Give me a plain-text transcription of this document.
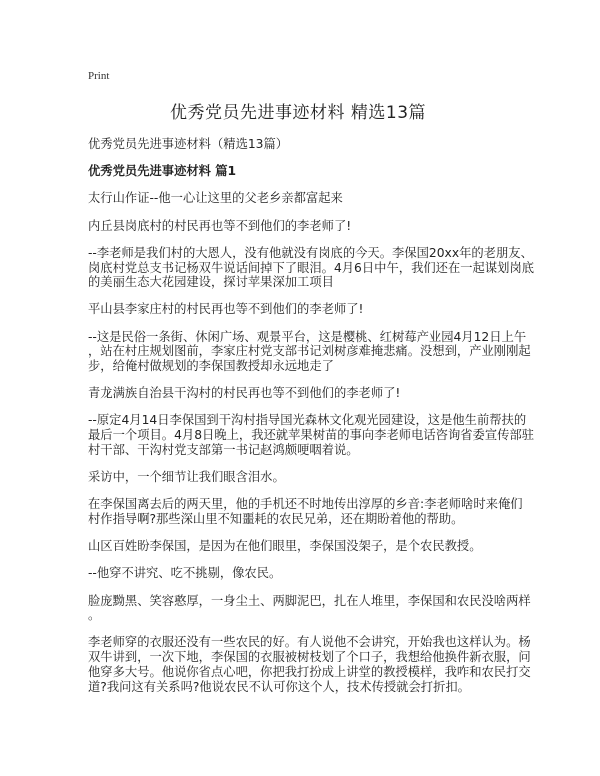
Print
优秀党员先进事迹材料 精选13篇
优秀党员先进事迹材料（精选13篇）
优秀党员先进事迹材料 篇1
太行山作证--他一心让这里的父老乡亲都富起来
内丘县岗底村的村民再也等不到他们的李老师了!
--李老师是我们村的大恩人，没有他就没有岗底的今天。李保国20xx年的老朋友、
岗底村党总支书记杨双牛说话间掉下了眼泪。4月6日中午，我们还在一起谋划岗底
的美丽生态大花园建设，探讨苹果深加工项目
平山县李家庄村的村民再也等不到他们的李老师了!
--这是民俗一条街、休闲广场、观景平台，这是樱桃、红树莓产业园4月12日上午
，站在村庄规划图前，李家庄村党支部书记刘树彦难掩悲痛。没想到，产业刚刚起
步，给俺村做规划的李保国教授却永远地走了
青龙满族自治县干沟村的村民再也等不到他们的李老师了!
--原定4月14日李保国到干沟村指导国光森林文化观光园建设，这是他生前帮扶的
最后一个项目。4月8日晚上，我还就苹果树苗的事向李老师电话咨询省委宣传部驻
村干部、干沟村党支部第一书记赵鸿颇哽咽着说。
采访中，一个细节让我们眼含泪水。
在李保国离去后的两天里，他的手机还不时地传出淳厚的乡音:李老师啥时来俺们
村作指导啊?那些深山里不知噩耗的农民兄弟，还在期盼着他的帮助。
山区百姓盼李保国，是因为在他们眼里，李保国没架子，是个农民教授。
--他穿不讲究、吃不挑剔，像农民。
脸庞黝黑、笑容憨厚，一身尘土、两脚泥巴，扎在人堆里，李保国和农民没啥两样
。
李老师穿的衣服还没有一些农民的好。有人说他不会讲究，开始我也这样认为。杨
双牛讲到，一次下地，李保国的衣服被树枝划了个口子，我想给他换件新衣服，问
他穿多大号。他说你省点心吧，你把我打扮成上讲堂的教授模样，我咋和农民打交
道?我问这有关系吗?他说农民不认可你这个人，技术传授就会打折扣。
